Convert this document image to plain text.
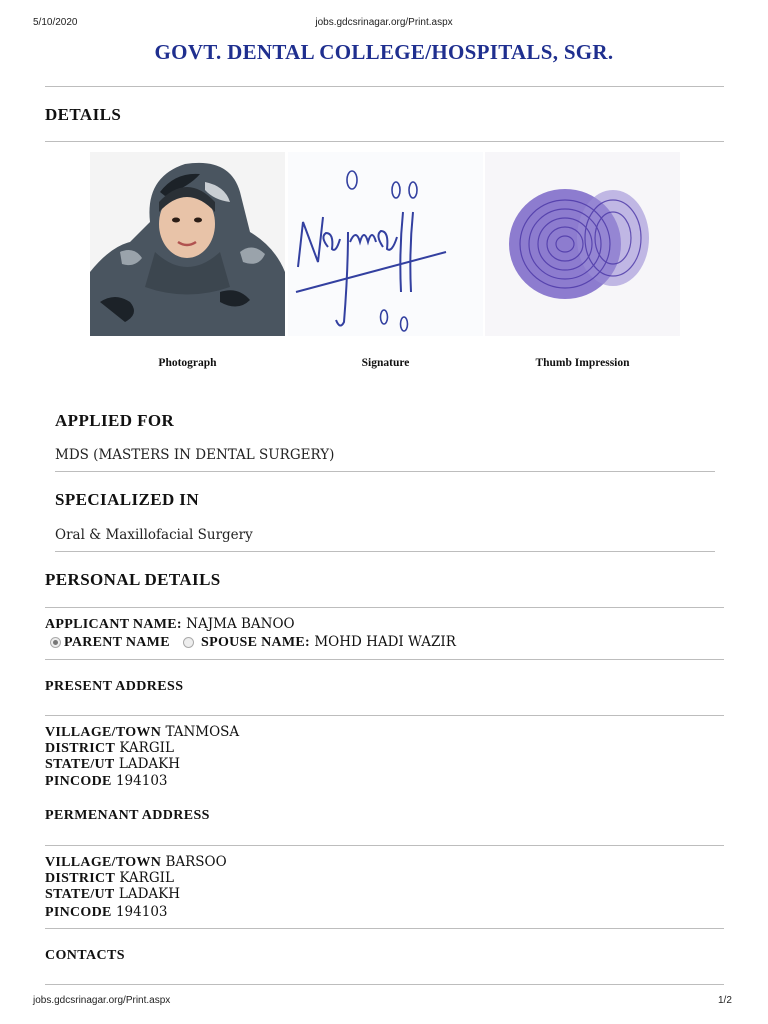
5/10/2020	jobs.gdcsrinagar.org/Print.aspx
GOVT. DENTAL COLLEGE/HOSPITALS, SGR.
DETAILS
Photograph	Signature	Thumb Impression
APPLIED FOR
MDS (MASTERS IN DENTAL SURGERY)
SPECIALIZED IN
Oral & Maxillofacial Surgery
PERSONAL DETAILS
APPLICANT NAME: NAJMA BANOO
PARENT NAME SPOUSE NAME: MOHD HADI WAZIR
PRESENT ADDRESS
VILLAGE/TOWN TANMOSA
DISTRICT KARGIL
STATE/UT LADAKH
PINCODE 194103
PERMENANT ADDRESS
VILLAGE/TOWN BARSOO
DISTRICT KARGIL
STATE/UT LADAKH
PINCODE 194103
CONTACTS
jobs.gdcsrinagar.org/Print.aspx	1/2
